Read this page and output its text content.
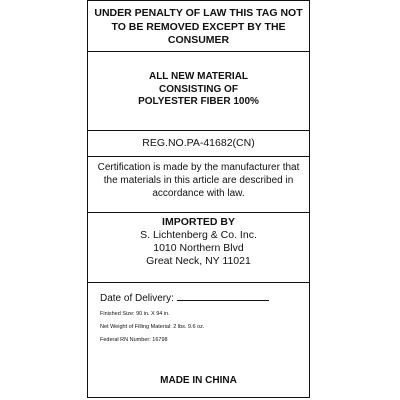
UNDER PENALTY OF LAW THIS TAG NOT
TO BE REMOVED EXCEPT BY THE
CONSUMER
ALL NEW MATERIAL
CONSISTING OF
POLYESTER FIBER 100%
REG.NO.PA-41682(CN)
Certification is made by the manufacturer that
the materials in this article are described in
accordance with law.
IMPORTED BY
S. Lichtenberg & Co. Inc.
1010 Northern Blvd
Great Neck, NY 11021
Date of Delivery:
Finished Size: 90 in. X 94 in.
Net Weight of Filling Material: 2 lbs. 9.6 oz.
Federal RN Number: 16798
MADE IN CHINA
